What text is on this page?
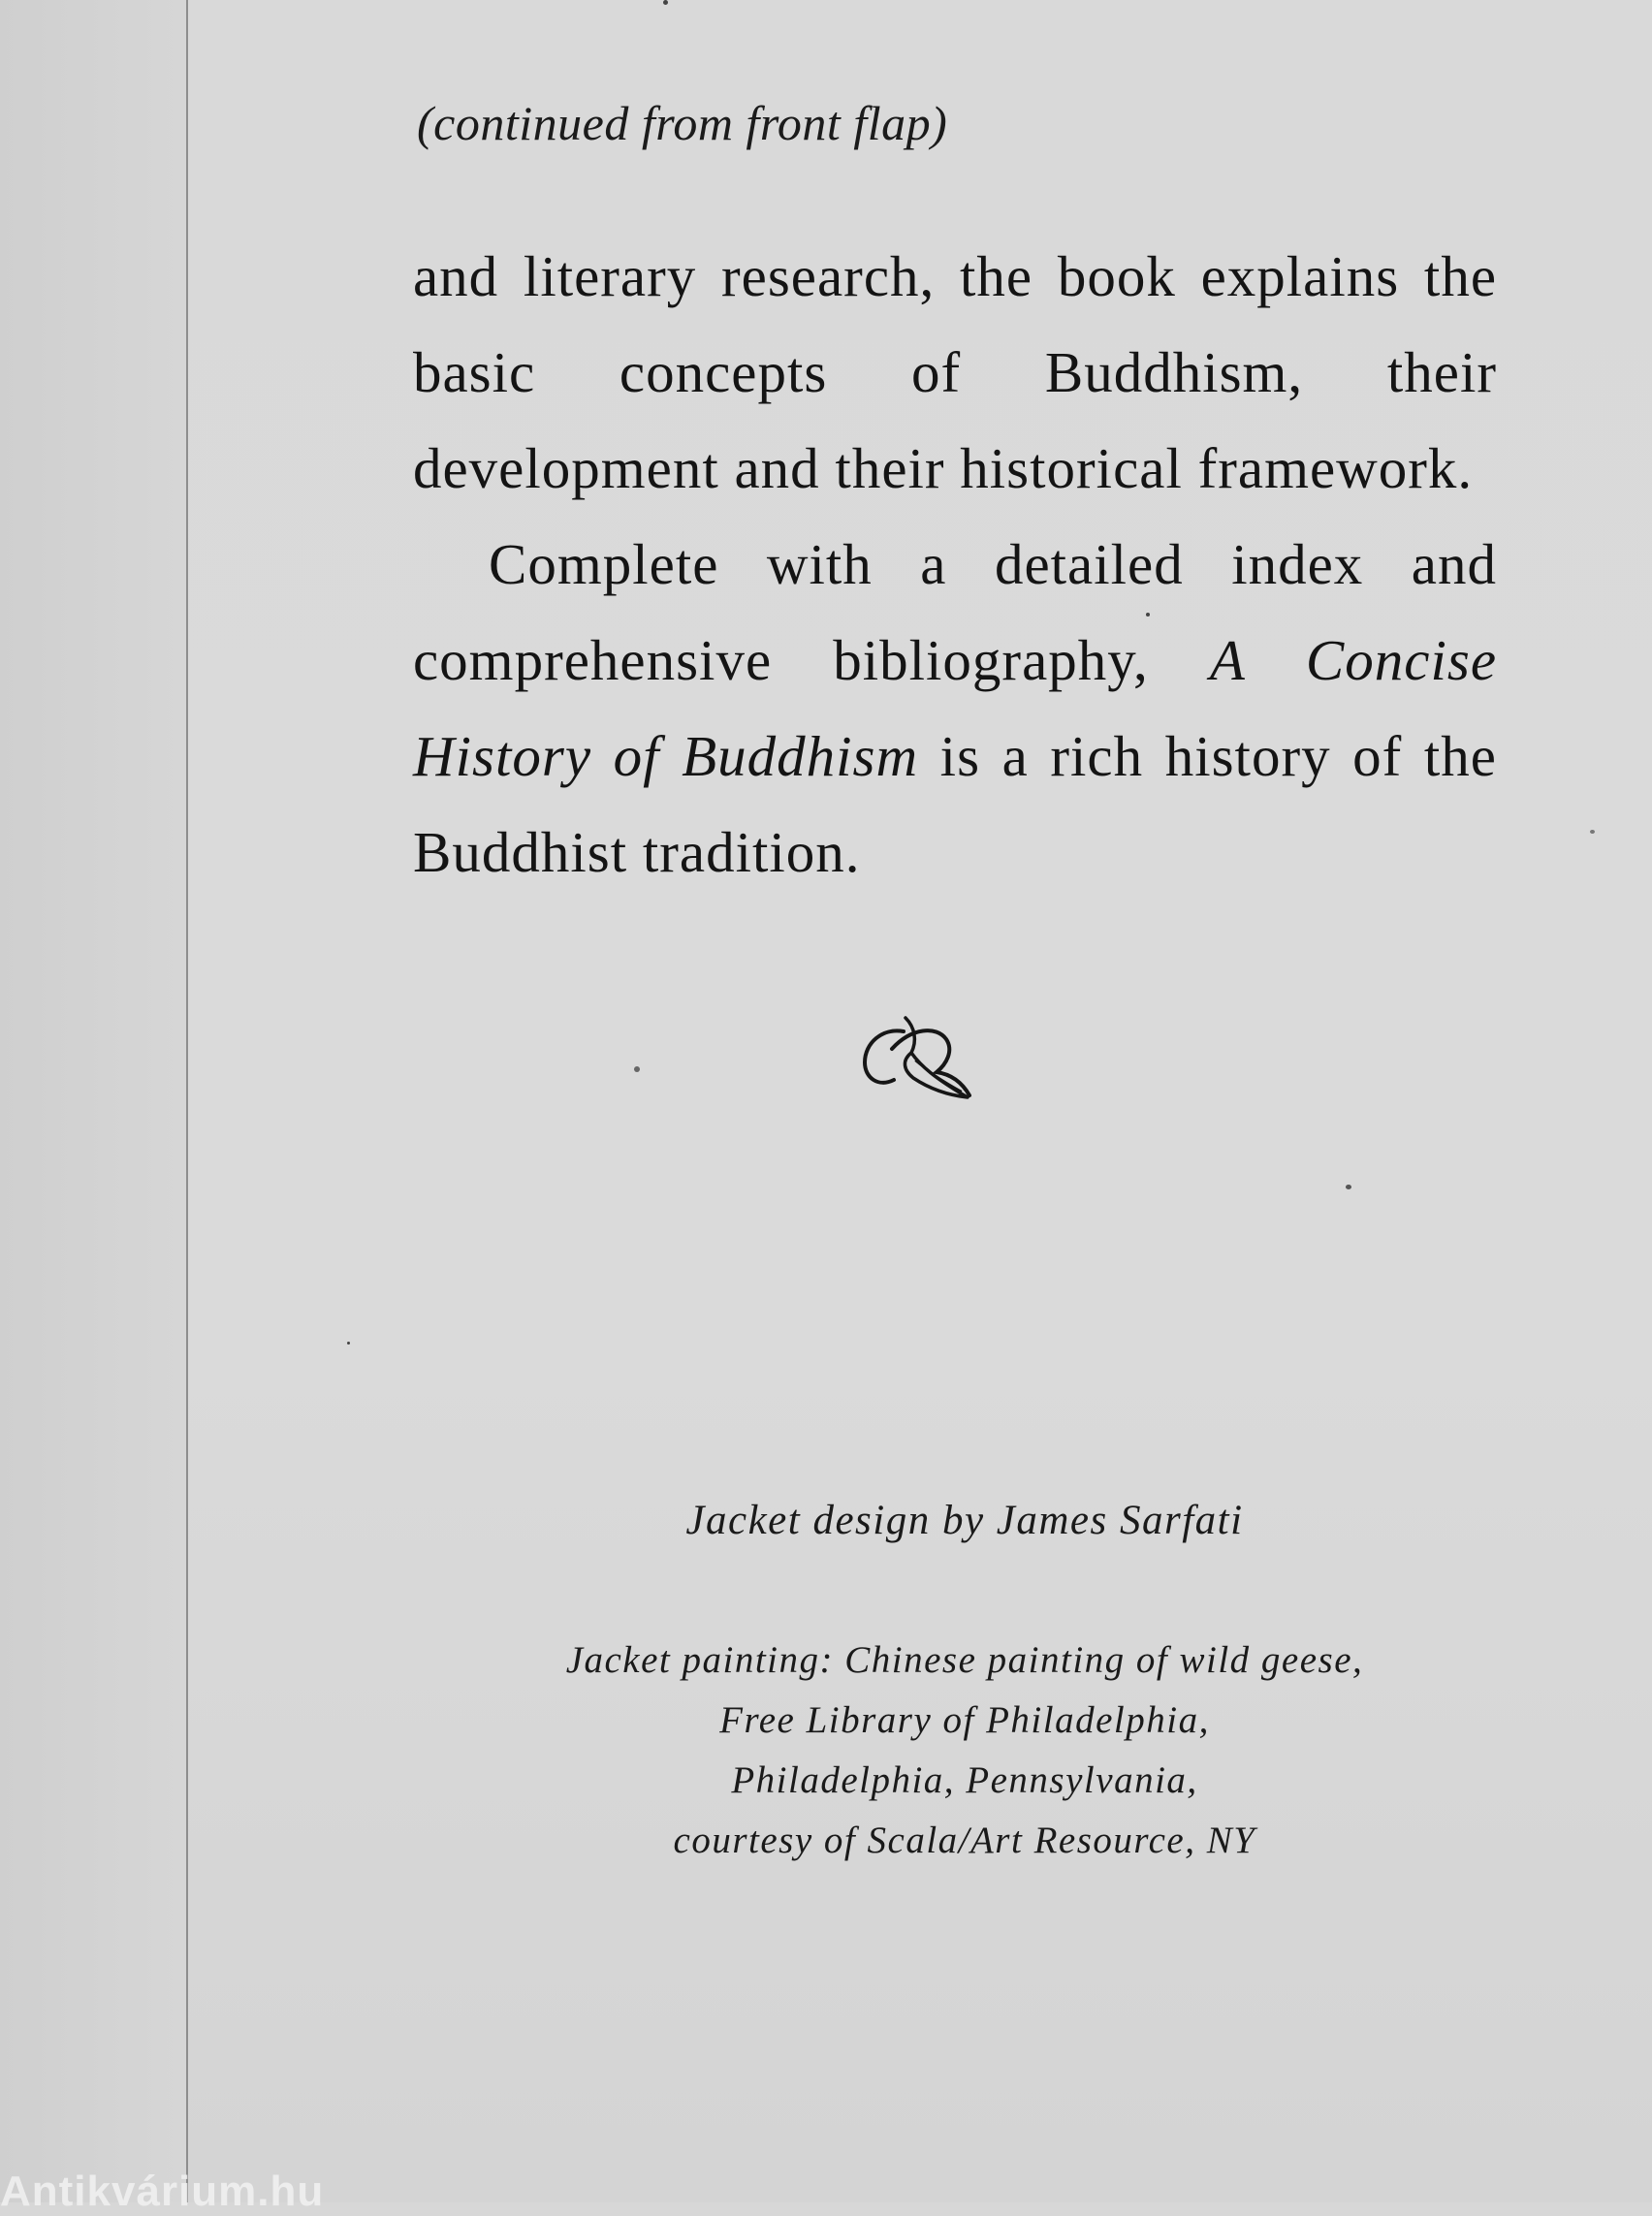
(continued from front flap)

and literary research, the book explains the basic concepts of Buddhism, their development and their historical framework.

Complete with a detailed index and comprehensive bibliography, A Concise History of Buddhism is a rich history of the Buddhist tradition.

Jacket design by James Sarfati
Jacket painting: Chinese painting of wild geese,
Free Library of Philadelphia,
Philadelphia, Pennsylvania,
courtesy of Scala/Art Resource, NY
Antikvárium.hu
